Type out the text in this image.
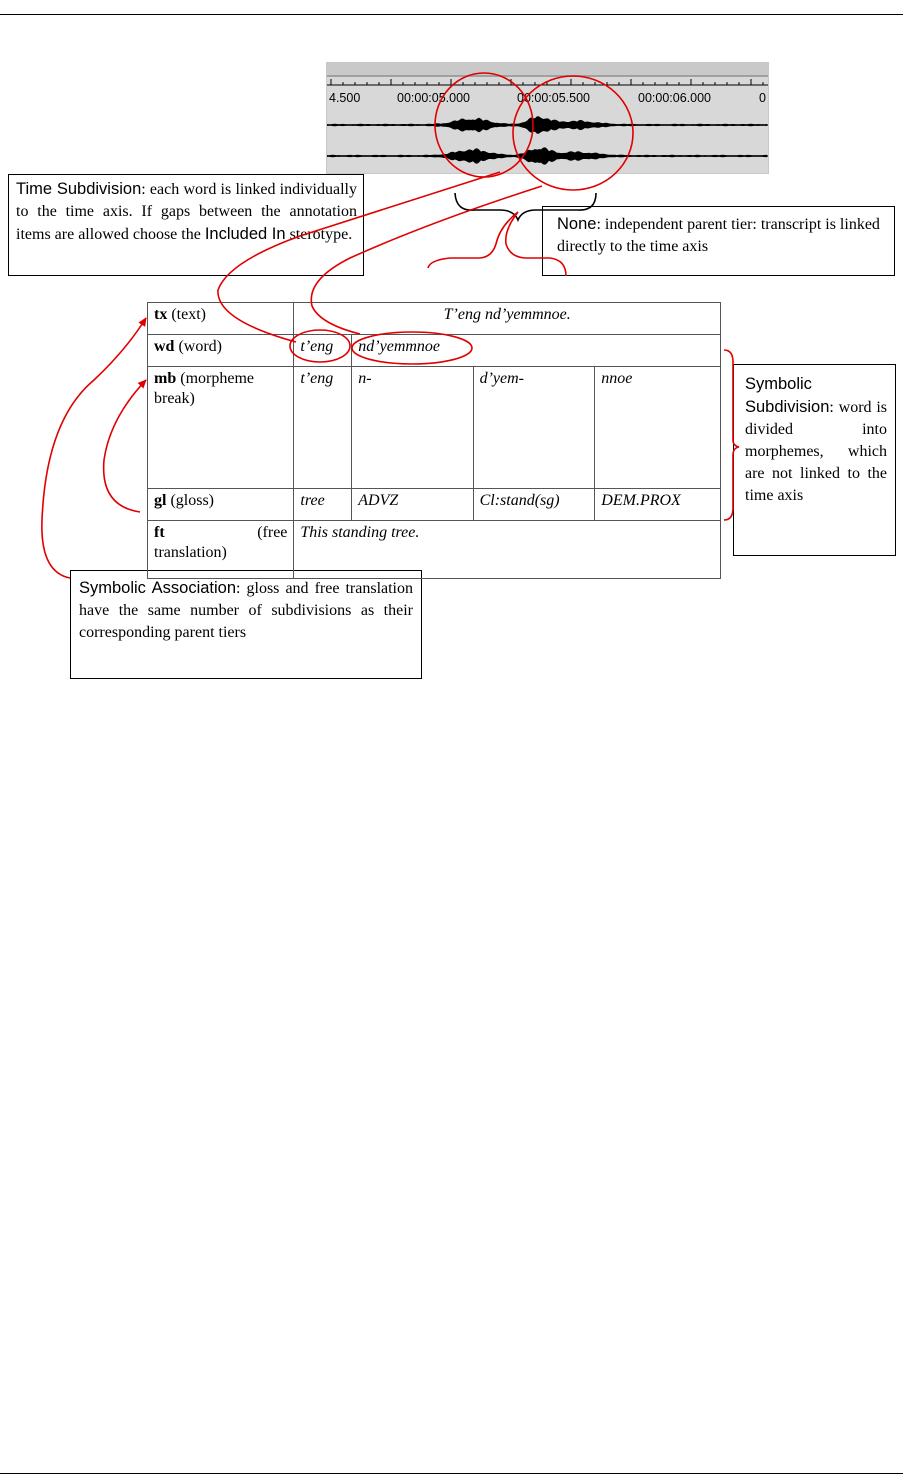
4.500	00:00:05.000	00:00:05.500	00:00:06.000	0
Time Subdivision: each word is linked individually to the time axis. If gaps between the annotation items are allowed choose the Included In sterotype.
None: independent parent tier: transcript is linked directly to the time axis
Symbolic
Subdivision: word is divided into morphemes, which are not linked to the time axis
Symbolic Association: gloss and free translation have the same number of subdivisions as their corresponding parent tiers
tx (text)	T’eng nd’yemmnoe.			
wd (word)	t’eng	nd’yemmnoe		
mb (morpheme break)	t’eng	n-	d’yem-	nnoe
gl (gloss)	tree	ADVZ	Cl:stand(sg)	DEM.PROX

ft (free
translation)	This standing tree.			
